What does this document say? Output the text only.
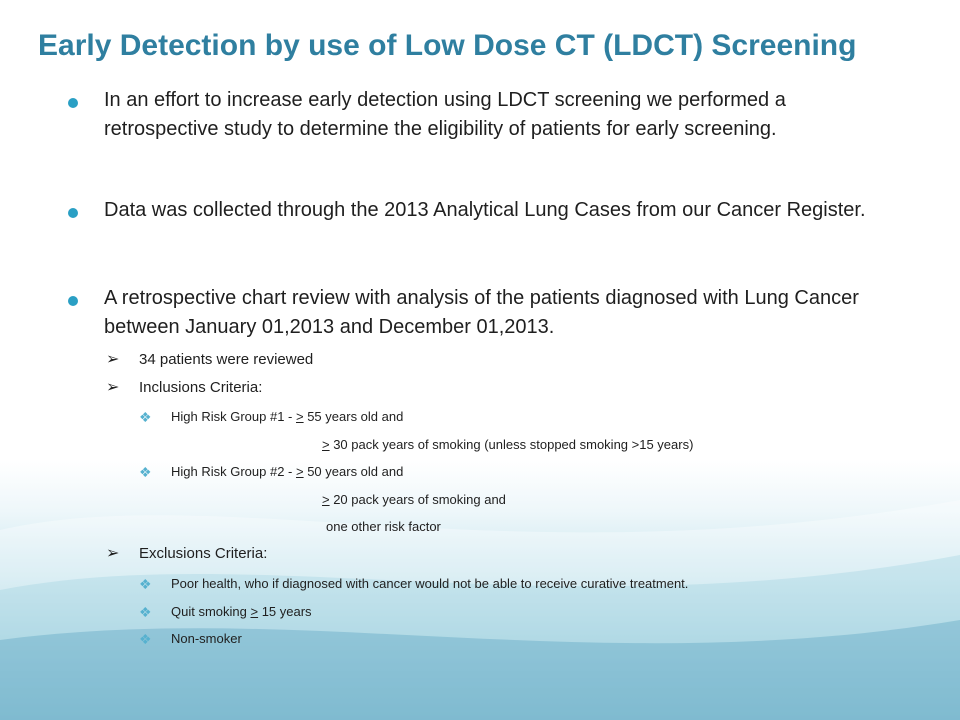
Early Detection by use of Low Dose CT (LDCT) Screening
In an effort to increase early detection using LDCT screening we performed a retrospective study to determine the eligibility of patients for early screening.
Data was collected through the 2013 Analytical Lung Cases from our Cancer Register.
A retrospective chart review with analysis of the patients diagnosed with Lung Cancer between January 01,2013 and December 01,2013.
➢ 34 patients were reviewed
➢ Inclusions Criteria:
❖ High Risk Group #1 - > 55 years old and
> 30 pack years of smoking (unless stopped smoking >15 years)
❖ High Risk Group #2 - > 50 years old and
> 20 pack years of smoking and
one other risk factor
➢ Exclusions Criteria:
❖ Poor health, who if diagnosed with cancer would not be able to receive curative treatment.
❖ Quit smoking > 15 years
❖ Non-smoker
